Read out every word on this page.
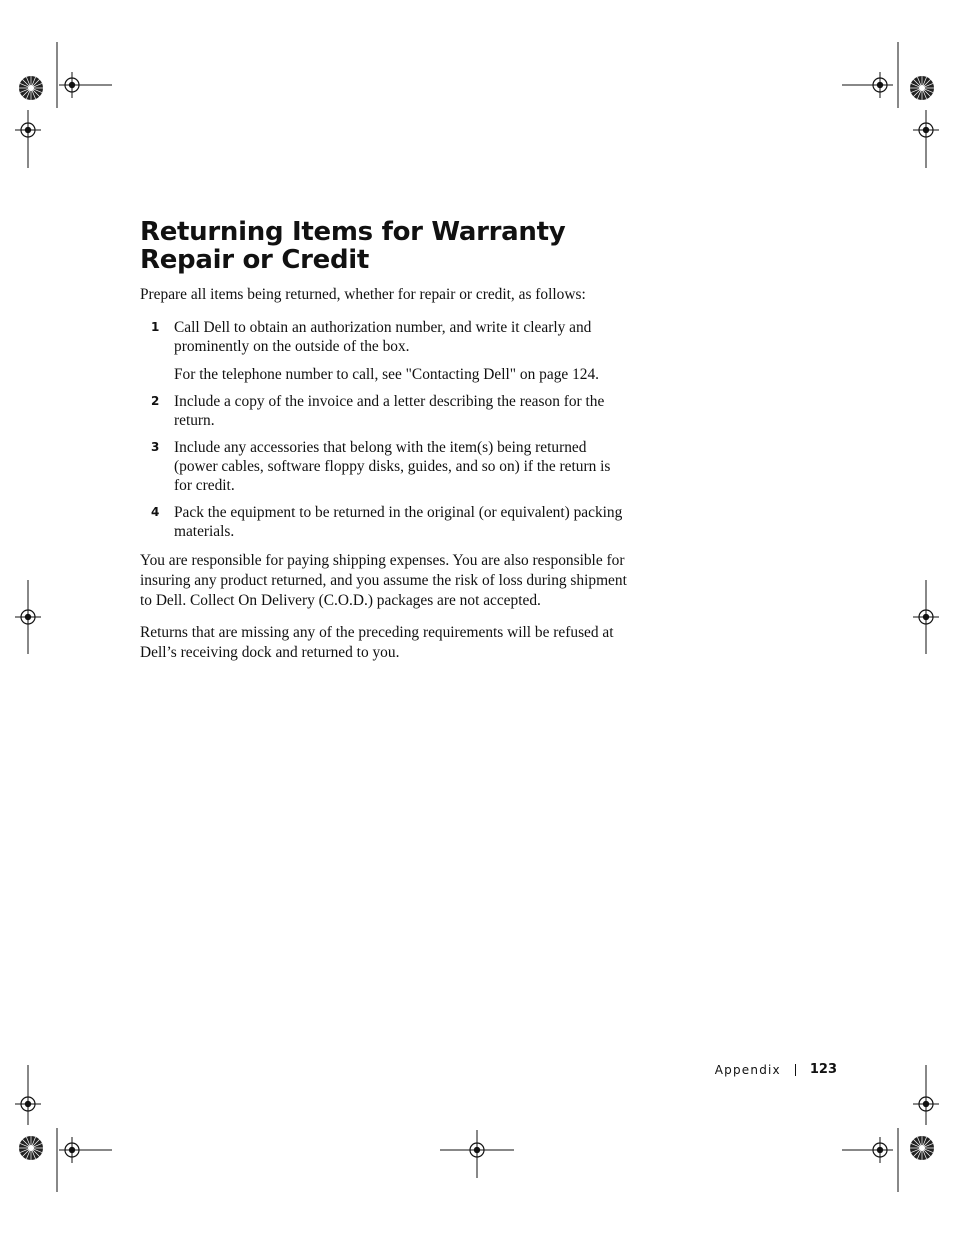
Returning Items for Warranty Repair or Credit

Prepare all items being returned, whether for repair or credit, as follows:

1 Call Dell to obtain an authorization number, and write it clearly and prominently on the outside of the box.

For the telephone number to call, see "Contacting Dell" on page 124.

2 Include a copy of the invoice and a letter describing the reason for the return.

3 Include any accessories that belong with the item(s) being returned (power cables, software floppy disks, guides, and so on) if the return is for credit.

4 Pack the equipment to be returned in the original (or equivalent) packing materials.

You are responsible for paying shipping expenses. You are also responsible for insuring any product returned, and you assume the risk of loss during shipment to Dell. Collect On Delivery (C.O.D.) packages are not accepted.

Returns that are missing any of the preceding requirements will be refused at Dell’s receiving dock and returned to you.

Appendix 123
